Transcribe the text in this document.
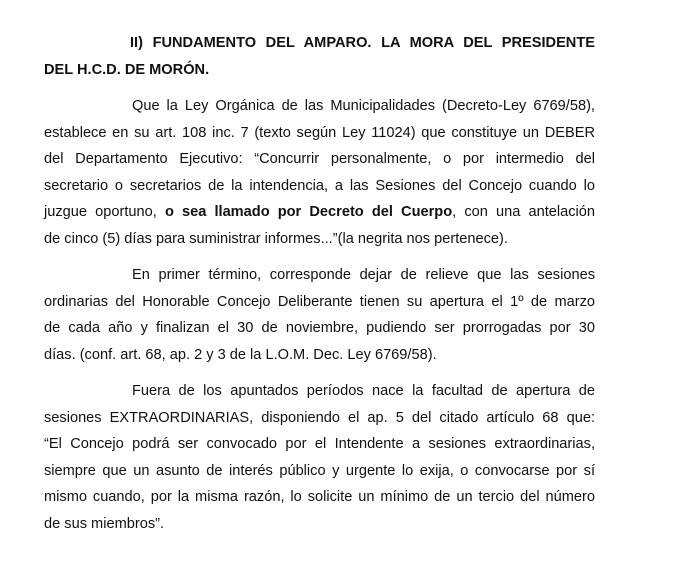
II) FUNDAMENTO DEL AMPARO. LA MORA DEL PRESIDENTE
DEL H.C.D. DE MORÓN.
Que la Ley Orgánica de las Municipalidades (Decreto-Ley 6769/58),
establece en su art. 108 inc. 7 (texto según Ley 11024) que constituye un DEBER
del Departamento Ejecutivo: “Concurrir personalmente, o por intermedio del
secretario o secretarios de la intendencia, a las Sesiones del Concejo cuando lo
juzgue oportuno, o sea llamado por Decreto del Cuerpo, con una antelación
de cinco (5) días para suministrar informes...”(la negrita nos pertenece).
En primer término, corresponde dejar de relieve que las sesiones
ordinarias del Honorable Concejo Deliberante tienen su apertura el 1º de marzo
de cada año y finalizan el 30 de noviembre, pudiendo ser prorrogadas por 30
días. (conf. art. 68, ap. 2 y 3 de la L.O.M. Dec. Ley 6769/58).
Fuera de los apuntados períodos nace la facultad de apertura de
sesiones EXTRAORDINARIAS, disponiendo el ap. 5 del citado artículo 68 que:
“El Concejo podrá ser convocado por el Intendente a sesiones extraordinarias,
siempre que un asunto de interés público y urgente lo exija, o convocarse por sí
mismo cuando, por la misma razón, lo solicite un mínimo de un tercio del número
de sus miembros”.
